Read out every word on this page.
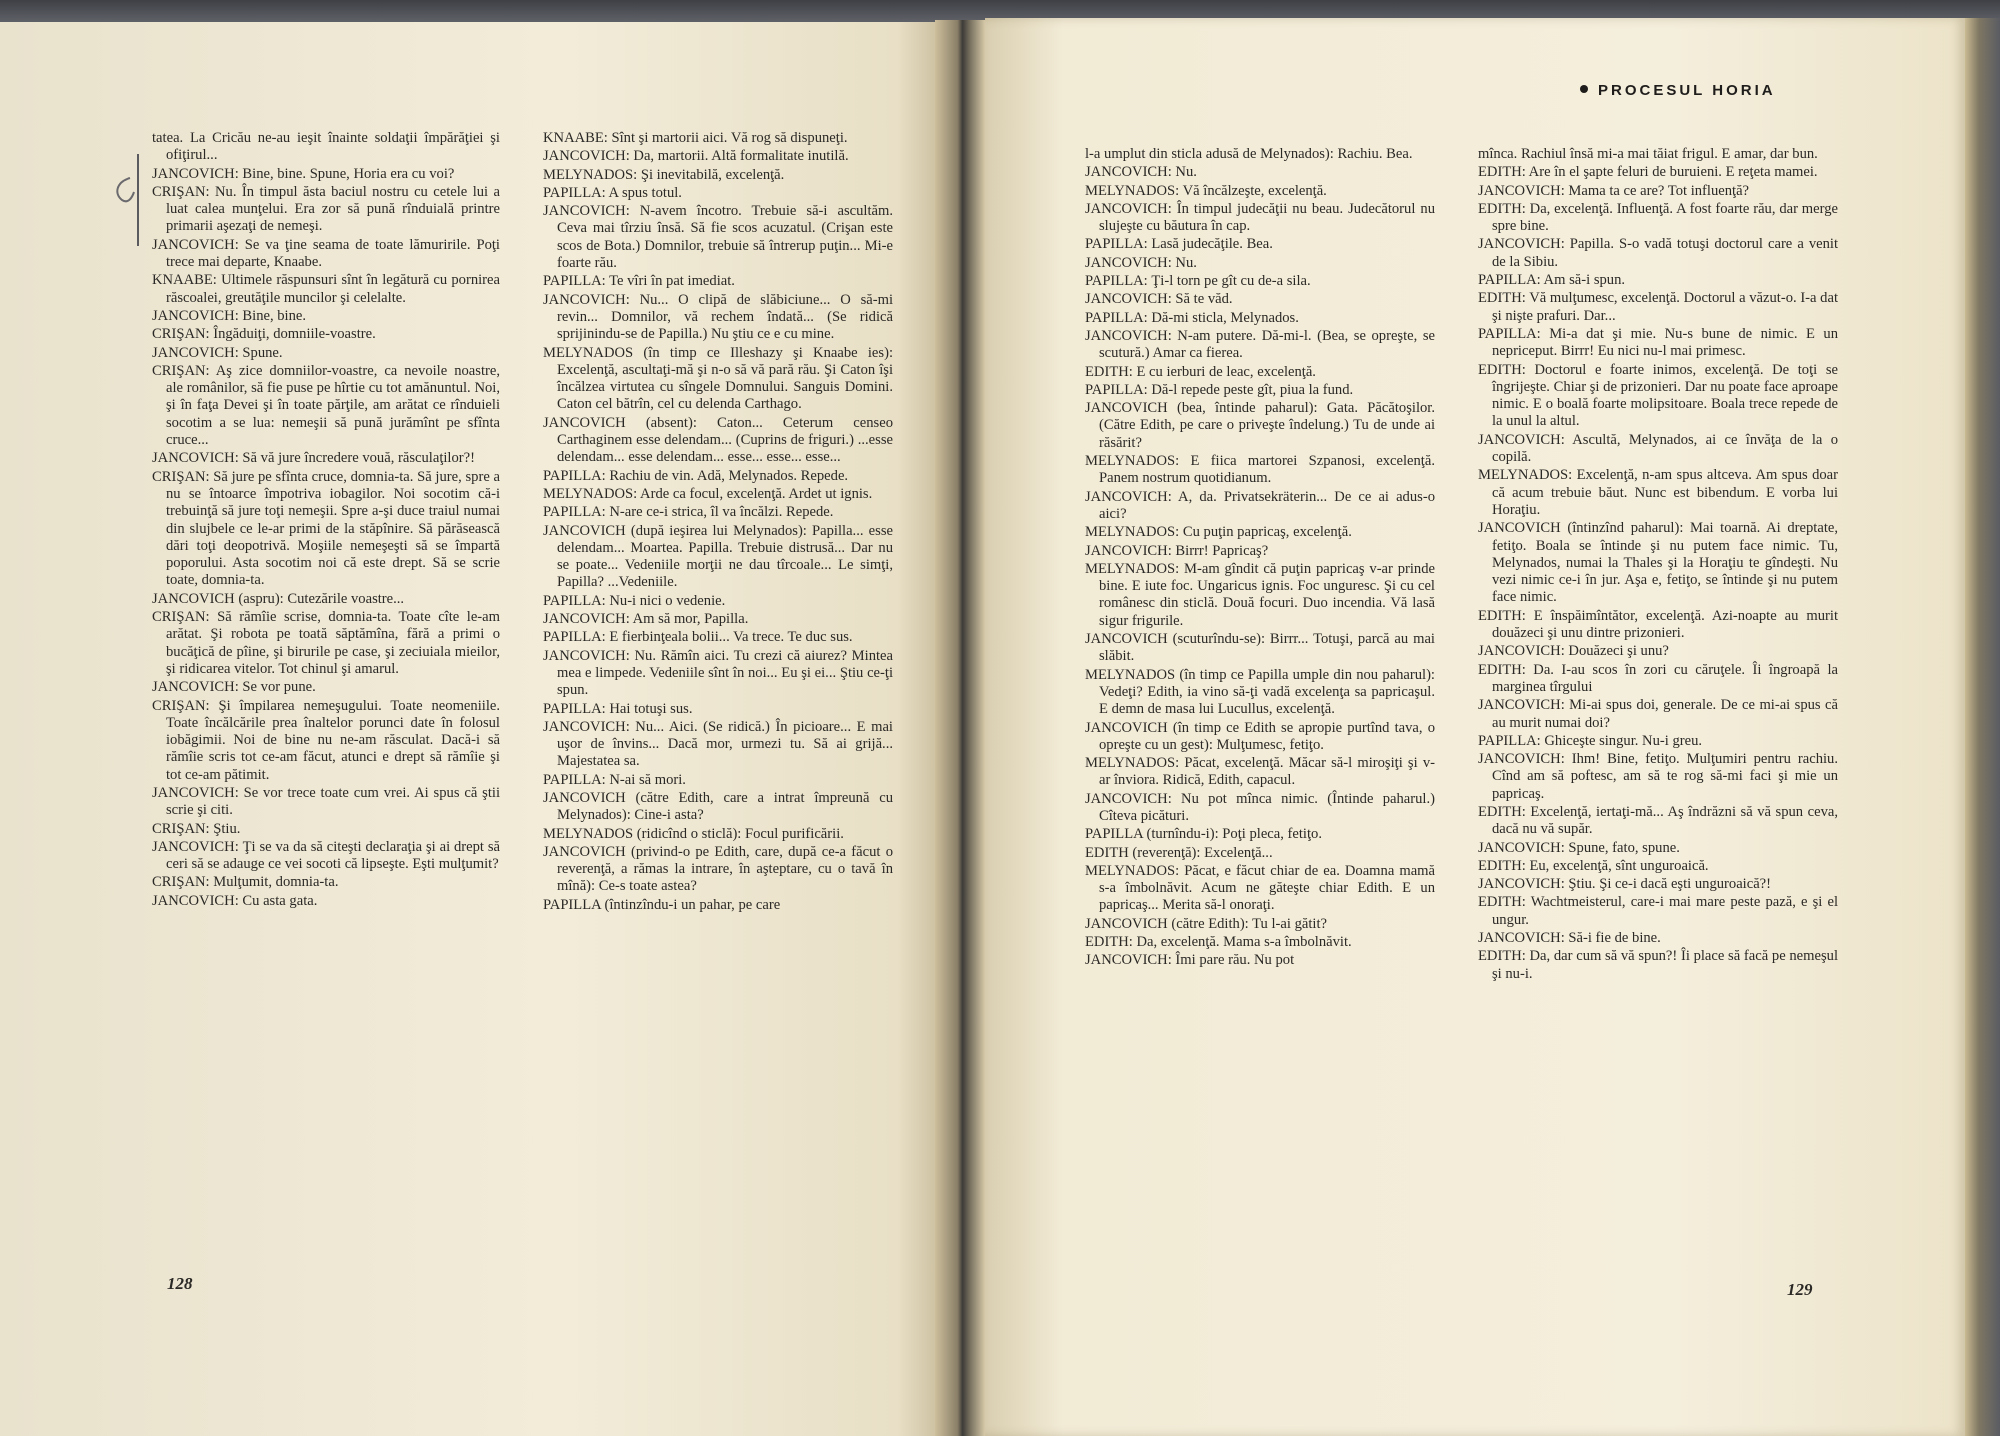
tatea. La Cricău ne-au ieşit înainte soldaţii împărăţiei şi ofiţirul...

JANCOVICH: Bine, bine. Spune, Horia era cu voi?

CRIŞAN: Nu. În timpul ăsta baciul nostru cu cetele lui a luat calea munţelui. Era zor să pună rînduială printre primarii aşezaţi de nemeşi.

JANCOVICH: Se va ţine seama de toate lămuririle. Poţi trece mai departe, Knaabe.

KNAABE: Ultimele răspunsuri sînt în legătură cu pornirea răscoalei, greutăţile muncilor şi celelalte.

JANCOVICH: Bine, bine.

CRIŞAN: Îngăduiţi, domniile-voastre.

JANCOVICH: Spune.

CRIŞAN: Aş zice domniilor-voastre, ca nevoile noastre, ale românilor, să fie puse pe hîrtie cu tot amănuntul. Noi, şi în faţa Devei şi în toate părţile, am arătat ce rînduieli socotim a se lua: nemeşii să pună jurămînt pe sfînta cruce...

JANCOVICH: Să vă jure încredere vouă, răsculaţilor?!

CRIŞAN: Să jure pe sfînta cruce, domnia-ta. Să jure, spre a nu se întoarce împotriva iobagilor. Noi socotim că-i trebuinţă să jure toţi nemeşii. Spre a-şi duce traiul numai din slujbele ce le-ar primi de la stăpînire. Să părăsească dări toţi deopotrivă. Moşiile nemeşeşti să se împartă poporului. Asta socotim noi că este drept. Să se scrie toate, domnia-ta.

JANCOVICH (aspru): Cutezările voastre...

CRIŞAN: Să rămîie scrise, domnia-ta. Toate cîte le-am arătat. Şi robota pe toată săptămîna, fără a primi o bucăţică de pîine, şi birurile pe case, şi zeciuiala mieilor, şi ridicarea vitelor. Tot chinul şi amarul.

JANCOVICH: Se vor pune.

CRIŞAN: Şi împilarea nemeşugului. Toate neomeniile. Toate încălcările prea înaltelor porunci date în folosul iobăgimii. Noi de bine nu ne-am răsculat. Dacă-i să rămîie scris tot ce-am făcut, atunci e drept să rămîie şi tot ce-am pătimit.

JANCOVICH: Se vor trece toate cum vrei. Ai spus că ştii scrie şi citi.

CRIŞAN: Ştiu.

JANCOVICH: Ţi se va da să citeşti declaraţia şi ai drept să ceri să se adauge ce vei socoti că lipseşte. Eşti mulţumit?

CRIŞAN: Mulţumit, domnia-ta.

JANCOVICH: Cu asta gata.

KNAABE: Sînt şi martorii aici. Vă rog să dispuneţi.

JANCOVICH: Da, martorii. Altă formalitate inutilă.

MELYNADOS: Şi inevitabilă, excelenţă.

PAPILLA: A spus totul.

JANCOVICH: N-avem încotro. Trebuie să-i ascultăm. Ceva mai tîrziu însă. Să fie scos acuzatul. (Crişan este scos de Bota.) Domnilor, trebuie să întrerup puţin... Mi-e foarte rău.

PAPILLA: Te vîri în pat imediat.

JANCOVICH: Nu... O clipă de slăbiciune... O să-mi revin... Domnilor, vă rechem îndată... (Se ridică sprijinindu-se de Papilla.) Nu ştiu ce e cu mine.

MELYNADOS (în timp ce Illeshazy şi Knaabe ies): Excelenţă, ascultaţi-mă şi n-o să vă pară rău. Şi Caton îşi încălzea virtutea cu sîngele Domnului. Sanguis Domini. Caton cel bătrîn, cel cu delenda Carthago.

JANCOVICH (absent): Caton... Ceterum censeo Carthaginem esse delendam... (Cuprins de friguri.) ...esse delendam... esse delendam... esse... esse... esse...

PAPILLA: Rachiu de vin. Adă, Melynados. Repede.

MELYNADOS: Arde ca focul, excelenţă. Ardet ut ignis.

PAPILLA: N-are ce-i strica, îl va încălzi. Repede.

JANCOVICH (după ieşirea lui Melynados): Papilla... esse delendam... Moartea. Papilla. Trebuie distrusă... Dar nu se poate... Vedeniile morţii ne dau tîrcoale... Le simţi, Papilla? ...Vedeniile.

PAPILLA: Nu-i nici o vedenie.

JANCOVICH: Am să mor, Papilla.

PAPILLA: E fierbinţeala bolii... Va trece. Te duc sus.

JANCOVICH: Nu. Rămîn aici. Tu crezi că aiurez? Mintea mea e limpede. Vedeniile sînt în noi... Eu şi ei... Ştiu ce-ţi spun.

PAPILLA: Hai totuşi sus.

JANCOVICH: Nu... Aici. (Se ridică.) În picioare... E mai uşor de învins... Dacă mor, urmezi tu. Să ai grijă... Majestatea sa.

PAPILLA: N-ai să mori.

JANCOVICH (către Edith, care a intrat împreună cu Melynados): Cine-i asta?

MELYNADOS (ridicînd o sticlă): Focul purificării.

JANCOVICH (privind-o pe Edith, care, după ce-a făcut o reverenţă, a rămas la intrare, în aşteptare, cu o tavă în mînă): Ce-s toate astea?

PAPILLA (întinzîndu-i un pahar, pe care

128
PROCESUL HORIA

l-a umplut din sticla adusă de Melynados): Rachiu. Bea.

JANCOVICH: Nu.

MELYNADOS: Vă încălzeşte, excelenţă.

JANCOVICH: În timpul judecăţii nu beau. Judecătorul nu slujeşte cu băutura în cap.

PAPILLA: Lasă judecăţile. Bea.

JANCOVICH: Nu.

PAPILLA: Ţi-l torn pe gît cu de-a sila.

JANCOVICH: Să te văd.

PAPILLA: Dă-mi sticla, Melynados.

JANCOVICH: N-am putere. Dă-mi-l. (Bea, se opreşte, se scutură.) Amar ca fierea.

EDITH: E cu ierburi de leac, excelenţă.

PAPILLA: Dă-l repede peste gît, piua la fund.

JANCOVICH (bea, întinde paharul): Gata. Păcătoşilor. (Către Edith, pe care o priveşte îndelung.) Tu de unde ai răsărit?

MELYNADOS: E fiica martorei Szpanosi, excelenţă. Panem nostrum quotidianum.

JANCOVICH: A, da. Privatsekräterin... De ce ai adus-o aici?

MELYNADOS: Cu puţin papricaş, excelenţă.

JANCOVICH: Birrr! Papricaş?

MELYNADOS: M-am gîndit că puţin papricaş v-ar prinde bine. E iute foc. Ungaricus ignis. Foc unguresc. Şi cu cel românesc din sticlă. Două focuri. Duo incendia. Vă lasă sigur frigurile.

JANCOVICH (scuturîndu-se): Birrr... Totuşi, parcă au mai slăbit.

MELYNADOS (în timp ce Papilla umple din nou paharul): Vedeţi? Edith, ia vino să-ţi vadă excelenţa sa papricaşul. E demn de masa lui Lucullus, excelenţă.

JANCOVICH (în timp ce Edith se apropie purtînd tava, o opreşte cu un gest): Mulţumesc, fetiţo.

MELYNADOS: Păcat, excelenţă. Măcar să-l miroşiţi şi v-ar înviora. Ridică, Edith, capacul.

JANCOVICH: Nu pot mînca nimic. (Întinde paharul.) Cîteva picături.

PAPILLA (turnîndu-i): Poţi pleca, fetiţo.

EDITH (reverenţă): Excelenţă...

MELYNADOS: Păcat, e făcut chiar de ea. Doamna mamă s-a îmbolnăvit. Acum ne găteşte chiar Edith. E un papricaş... Merita să-l onoraţi.

JANCOVICH (către Edith): Tu l-ai gătit?

EDITH: Da, excelenţă. Mama s-a îmbolnăvit.

JANCOVICH: Îmi pare rău. Nu pot

mînca. Rachiul însă mi-a mai tăiat frigul. E amar, dar bun.

EDITH: Are în el şapte feluri de buruieni. E reţeta mamei.

JANCOVICH: Mama ta ce are? Tot influenţă?

EDITH: Da, excelenţă. Influenţă. A fost foarte rău, dar merge spre bine.

JANCOVICH: Papilla. S-o vadă totuşi doctorul care a venit de la Sibiu.

PAPILLA: Am să-i spun.

EDITH: Vă mulţumesc, excelenţă. Doctorul a văzut-o. I-a dat şi nişte prafuri. Dar...

PAPILLA: Mi-a dat şi mie. Nu-s bune de nimic. E un nepriceput. Birrr! Eu nici nu-l mai primesc.

EDITH: Doctorul e foarte inimos, excelenţă. De toţi se îngrijeşte. Chiar şi de prizonieri. Dar nu poate face aproape nimic. E o boală foarte molipsitoare. Boala trece repede de la unul la altul.

JANCOVICH: Ascultă, Melynados, ai ce învăţa de la o copilă.

MELYNADOS: Excelenţă, n-am spus altceva. Am spus doar că acum trebuie băut. Nunc est bibendum. E vorba lui Horaţiu.

JANCOVICH (întinzînd paharul): Mai toarnă. Ai dreptate, fetiţo. Boala se întinde şi nu putem face nimic. Tu, Melynados, numai la Thales şi la Horaţiu te gîndeşti. Nu vezi nimic ce-i în jur. Aşa e, fetiţo, se întinde şi nu putem face nimic.

EDITH: E înspăimîntător, excelenţă. Azi-noapte au murit douăzeci şi unu dintre prizonieri.

JANCOVICH: Douăzeci şi unu?

EDITH: Da. I-au scos în zori cu căruţele. Îi îngroapă la marginea tîrgului

JANCOVICH: Mi-ai spus doi, generale. De ce mi-ai spus că au murit numai doi?

PAPILLA: Ghiceşte singur. Nu-i greu.

JANCOVICH: Ihm! Bine, fetiţo. Mulţumiri pentru rachiu. Cînd am să poftesc, am să te rog să-mi faci şi mie un papricaş.

EDITH: Excelenţă, iertaţi-mă... Aş îndrăzni să vă spun ceva, dacă nu vă supăr.

JANCOVICH: Spune, fato, spune.

EDITH: Eu, excelenţă, sînt unguroaică.

JANCOVICH: Ştiu. Şi ce-i dacă eşti unguroaică?!

EDITH: Wachtmeisterul, care-i mai mare peste pază, e şi el ungur.

JANCOVICH: Să-i fie de bine.

EDITH: Da, dar cum să vă spun?! Îi place să facă pe nemeşul şi nu-i.

129
